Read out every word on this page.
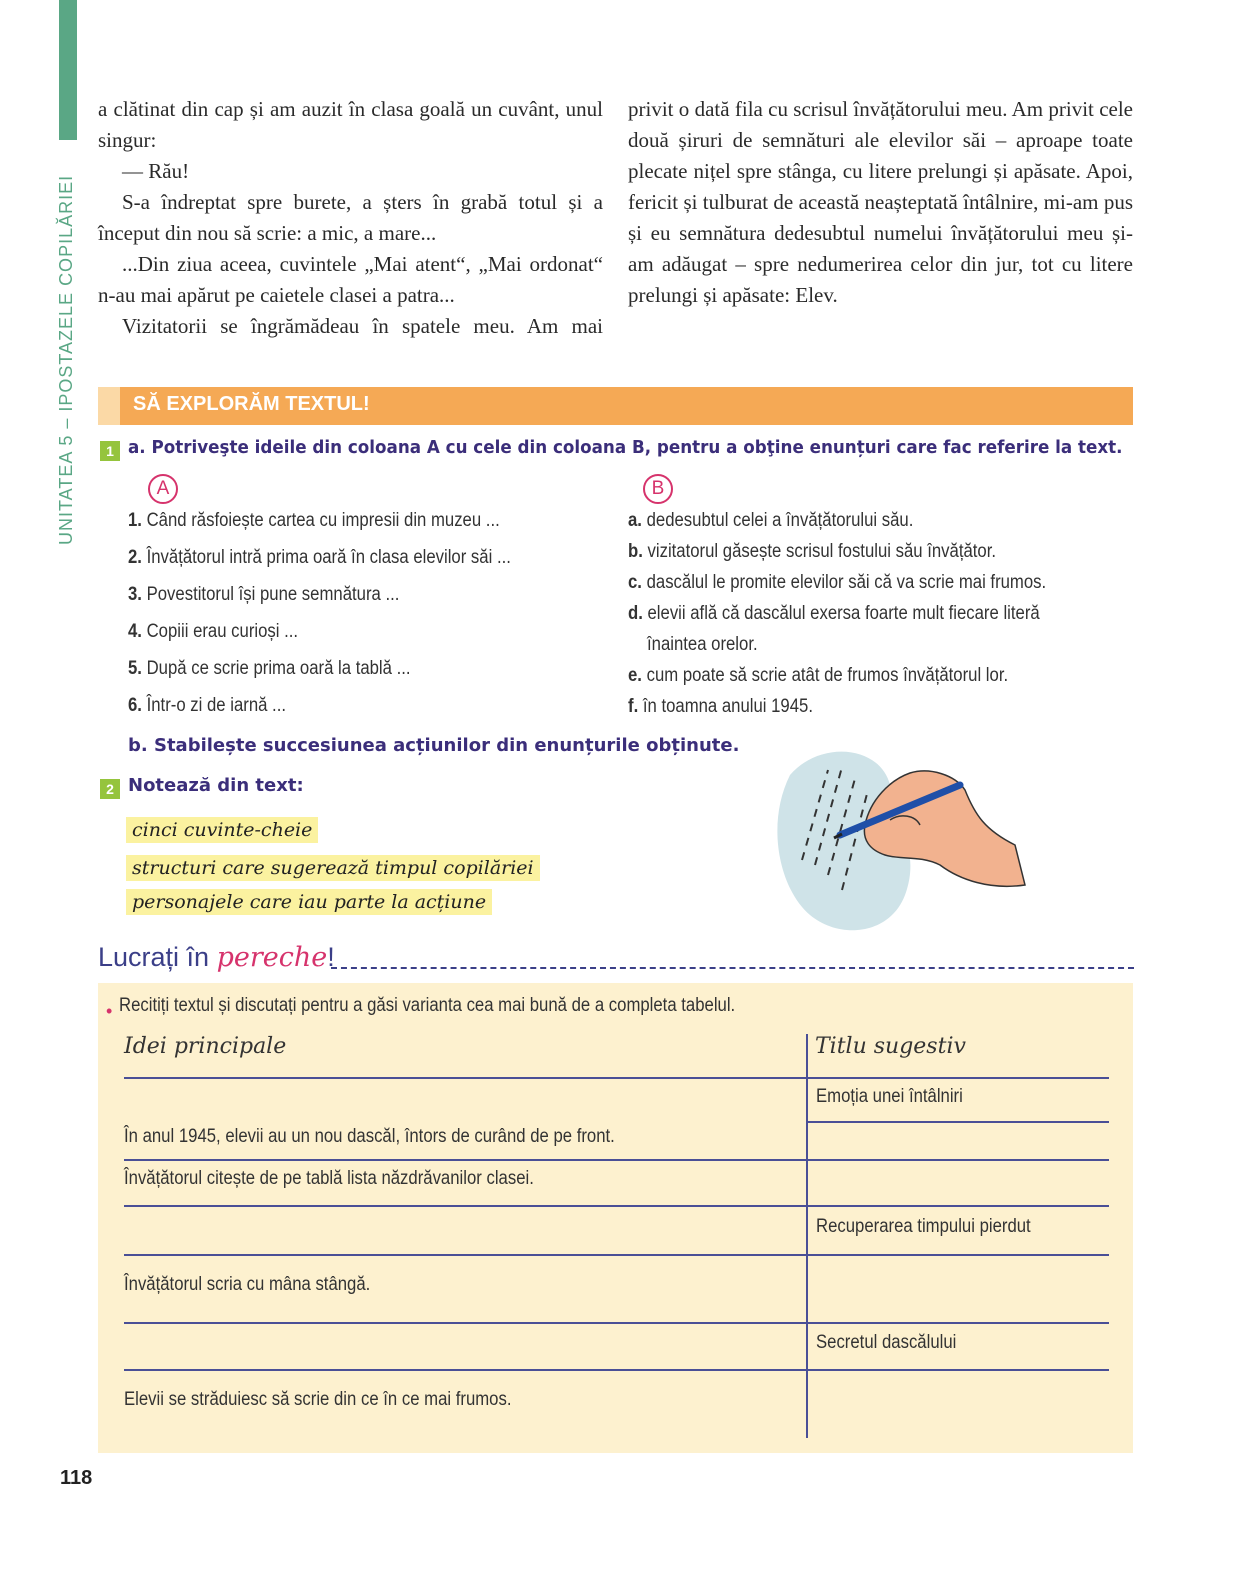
UNITATEA 5 – IPOSTAZELE COPILĂRIEI

a clătinat din cap și am auzit în clasa goală un cuvânt, unul singur:

— Rău!

S-a îndreptat spre burete, a șters în grabă totul și a început din nou să scrie: a mic, a mare...

...Din ziua aceea, cuvintele „Mai atent“, „Mai ordonat“ n-au mai apărut pe caietele clasei a patra...

Vizitatorii se îngrămădeau în spatele meu. Am mai

privit o dată fila cu scrisul învățătorului meu. Am privit cele două șiruri de semnături ale elevilor săi – aproape toate plecate nițel spre stânga, cu litere prelungi și apăsate. Apoi, fericit și tulburat de această neașteptată întâlnire, mi-am pus și eu semnătura dedesubtul numelui învățătorului meu și-am adăugat – spre nedumerirea celor din jur, tot cu litere prelungi și apăsate: Elev.

SĂ EXPLORĂM TEXTUL!
1 a. Potriveşte ideile din coloana A cu cele din coloana B, pentru a obţine enunțuri care fac referire la text.
A	B
1. Când răsfoiește cartea cu impresii din muzeu ...
2. Învățătorul intră prima oară în clasa elevilor săi ...
3. Povestitorul își pune semnătura ...
4. Copiii erau curioși ...
5. După ce scrie prima oară la tablă ...
6. Într-o zi de iarnă ...
a. dedesubtul celei a învățătorului său.
b. vizitatorul găsește scrisul fostului său învățător.
c. dascălul le promite elevilor săi că va scrie mai frumos.
d. elevii află că dascălul exersa foarte mult fiecare literă
înaintea orelor.
e. cum poate să scrie atât de frumos învățătorul lor.
f. în toamna anului 1945.
b. Stabilește succesiunea acțiunilor din enunțurile obținute.
2 Notează din text:
cinci cuvinte-cheie
structuri care sugerează timpul copilăriei
personajele care iau parte la acțiune
Lucrați în pereche!
• Recitiți textul și discutați pentru a găsi varianta cea mai bună de a completa tabelul.
Idei principale	Titlu sugestiv
Emoția unei întâlniri
În anul 1945, elevii au un nou dascăl, întors de curând de pe front.
Învățătorul citește de pe tablă lista năzdrăvanilor clasei.
Recuperarea timpului pierdut
Învățătorul scria cu mâna stângă.
Secretul dascălului
Elevii se străduiesc să scrie din ce în ce mai frumos.
118
